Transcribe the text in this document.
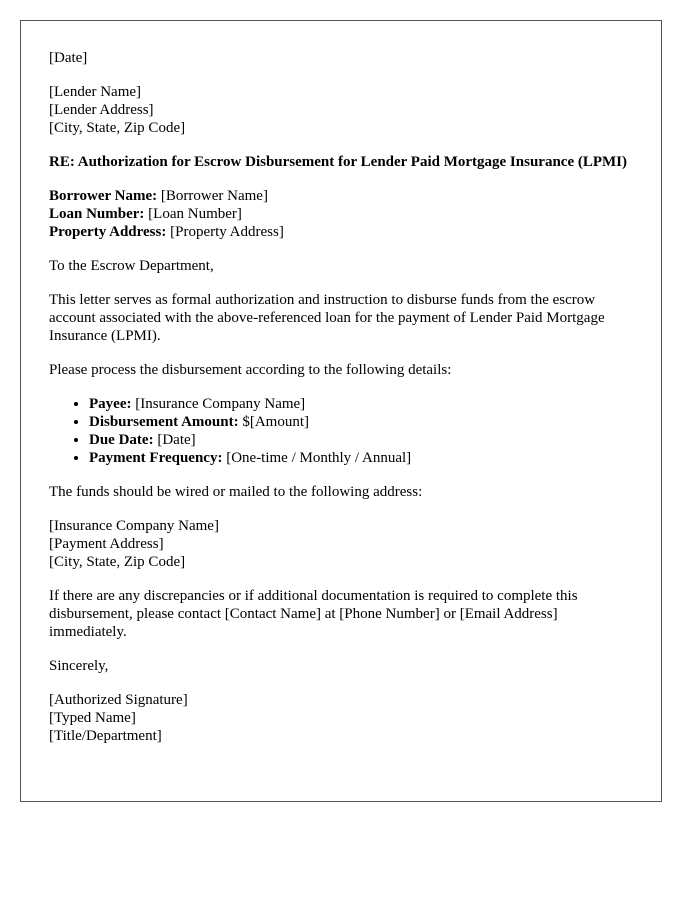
[Date]

[Lender Name]
[Lender Address]
[City, State, Zip Code]

RE: Authorization for Escrow Disbursement for Lender Paid Mortgage Insurance (LPMI)

Borrower Name: [Borrower Name]
Loan Number: [Loan Number]
Property Address: [Property Address]

To the Escrow Department,

This letter serves as formal authorization and instruction to disburse funds from the escrow account associated with the above-referenced loan for the payment of Lender Paid Mortgage Insurance (LPMI).

Please process the disbursement according to the following details:

• Payee: [Insurance Company Name]
• Disbursement Amount: $[Amount]
• Due Date: [Date]
• Payment Frequency: [One-time / Monthly / Annual]

The funds should be wired or mailed to the following address:

[Insurance Company Name]
[Payment Address]
[City, State, Zip Code]

If there are any discrepancies or if additional documentation is required to complete this disbursement, please contact [Contact Name] at [Phone Number] or [Email Address] immediately.

Sincerely,

[Authorized Signature]
[Typed Name]
[Title/Department]
